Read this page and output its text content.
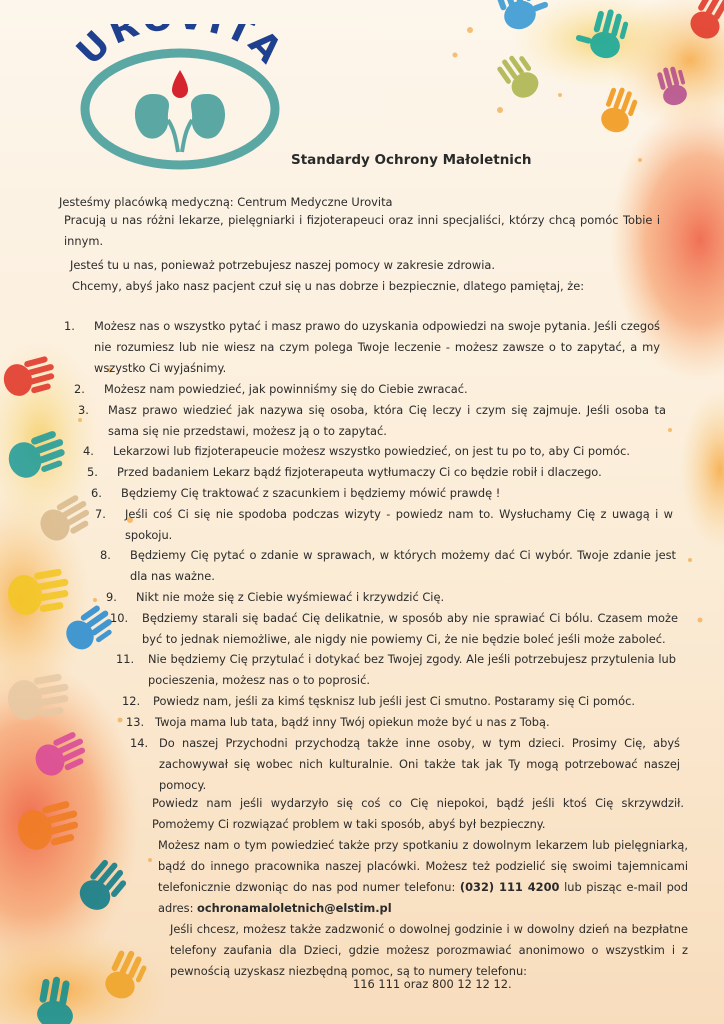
UR T
Standardy Ochrony Małoletnich
Jesteśmy placówką medyczną: Centrum Medyczne Urovita
Pracują u nas różni lekarze, pielęgniarki i fizjoterapeuci oraz inni specjaliści, którzy chcą pomóc Tobie i innym.
Jesteś tu u nas, ponieważ potrzebujesz naszej pomocy w zakresie zdrowia.
Chcemy, abyś jako nasz pacjent czuł się u nas dobrze i bezpiecznie, dlatego pamiętaj, że:
1. Możesz nas o wszystko pytać i masz prawo do uzyskania odpowiedzi na swoje pytania. Jeśli czegoś nie rozumiesz lub nie wiesz na czym polega Twoje leczenie - możesz zawsze o to zapytać, a my wszystko Ci wyjaśnimy.
2. Możesz nam powiedzieć, jak powinniśmy się do Ciebie zwracać.
3. Masz prawo wiedzieć jak nazywa się osoba, która Cię leczy i czym się zajmuje. Jeśli osoba ta sama się nie przedstawi, możesz ją o to zapytać.
4. Lekarzowi lub fizjoterapeucie możesz wszystko powiedzieć, on jest tu po to, aby Ci pomóc.
5. Przed badaniem Lekarz bądź fizjoterapeuta wytłumaczy Ci co będzie robił i dlaczego.
6. Będziemy Cię traktować z szacunkiem i będziemy mówić prawdę !
7. Jeśli coś Ci się nie spodoba podczas wizyty - powiedz nam to. Wysłuchamy Cię z uwagą i w spokoju.
8. Będziemy Cię pytać o zdanie w sprawach, w których możemy dać Ci wybór. Twoje zdanie jest dla nas ważne.
9. Nikt nie może się z Ciebie wyśmiewać i krzywdzić Cię.
10. Będziemy starali się badać Cię delikatnie, w sposób aby nie sprawiać Ci bólu. Czasem może być to jednak niemożliwe, ale nigdy nie powiemy Ci, że nie będzie boleć jeśli może zaboleć.
11. Nie będziemy Cię przytulać i dotykać bez Twojej zgody. Ale jeśli potrzebujesz przytulenia lub pocieszenia, możesz nas o to poprosić.
12. Powiedz nam, jeśli za kimś tęsknisz lub jeśli jest Ci smutno. Postaramy się Ci pomóc.
13. Twoja mama lub tata, bądź inny Twój opiekun może być u nas z Tobą.
14. Do naszej Przychodni przychodzą także inne osoby, w tym dzieci. Prosimy Cię, abyś zachowywał się wobec nich kulturalnie. Oni także tak jak Ty mogą potrzebować naszej pomocy.
Powiedz nam jeśli wydarzyło się coś co Cię niepokoi, bądź jeśli ktoś Cię skrzywdził. Pomożemy Ci rozwiązać problem w taki sposób, abyś był bezpieczny.
Możesz nam o tym powiedzieć także przy spotkaniu z dowolnym lekarzem lub pielęgniarką, bądź do innego pracownika naszej placówki. Możesz też podzielić się swoimi tajemnicami telefonicznie dzwoniąc do nas pod numer telefonu: (032) 111 4200 lub pisząc e-mail pod adres: ochronamaloletnich@elstim.pl
Jeśli chcesz, możesz także zadzwonić o dowolnej godzinie i w dowolny dzień na bezpłatne telefony zaufania dla Dzieci, gdzie możesz porozmawiać anonimowo o wszystkim i z pewnością uzyskasz niezbędną pomoc, są to numery telefonu:
116 111 oraz 800 12 12 12.
